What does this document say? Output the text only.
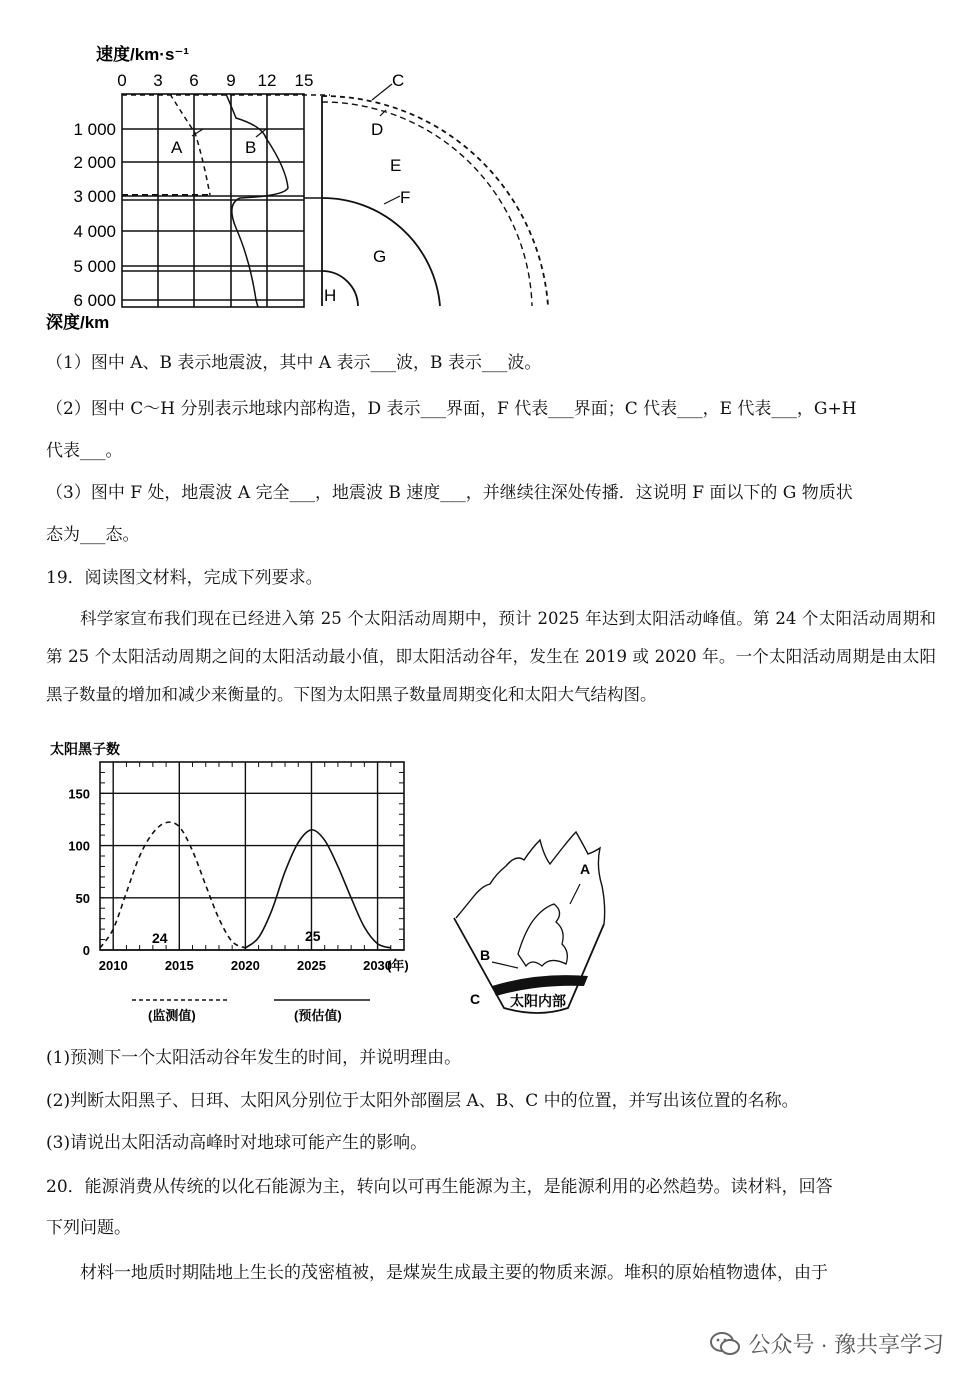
速度/km·s⁻¹
0 3 6 9 12 15
1 000
2 000
3 000
4 000
5 000
6 000
A	B
C
D
E
F
G
H
深度/km
（1）图中 A、B 表示地震波，其中 A 表示___波，B 表示___波。
（2）图中 C～H 分别表示地球内部构造，D 表示___界面，F 代表___界面；C 代表___，E 代表___，G+H
代表___。
（3）图中 F 处，地震波 A 完全___，地震波 B 速度___，并继续往深处传播．这说明 F 面以下的 G 物质状
态为___态。
19．阅读图文材料，完成下列要求。
科学家宣布我们现在已经进入第 25 个太阳活动周期中，预计 2025 年达到太阳活动峰值。第 24 个太阳活动周期和第 25 个太阳活动周期之间的太阳活动最小值，即太阳活动谷年，发生在 2019 或 2020 年。一个太阳活动周期是由太阳黑子数量的增加和减少来衡量的。下图为太阳黑子数量周期变化和太阳大气结构图。
太阳黑子数
0
50
100
150
2010	2015	2020	2025	2030
(年)
24	25
(监测值)	(预估值)
A
B
C 太阳内部
(1)预测下一个太阳活动谷年发生的时间，并说明理由。
(2)判断太阳黑子、日珥、太阳风分别位于太阳外部圈层 A、B、C 中的位置，并写出该位置的名称。
(3)请说出太阳活动高峰时对地球可能产生的影响。
20．能源消费从传统的以化石能源为主，转向以可再生能源为主，是能源利用的必然趋势。读材料，回答
下列问题。
材料一地质时期陆地上生长的茂密植被，是煤炭生成最主要的物质来源。堆积的原始植物遗体，由于
公众号 · 豫共享学习
